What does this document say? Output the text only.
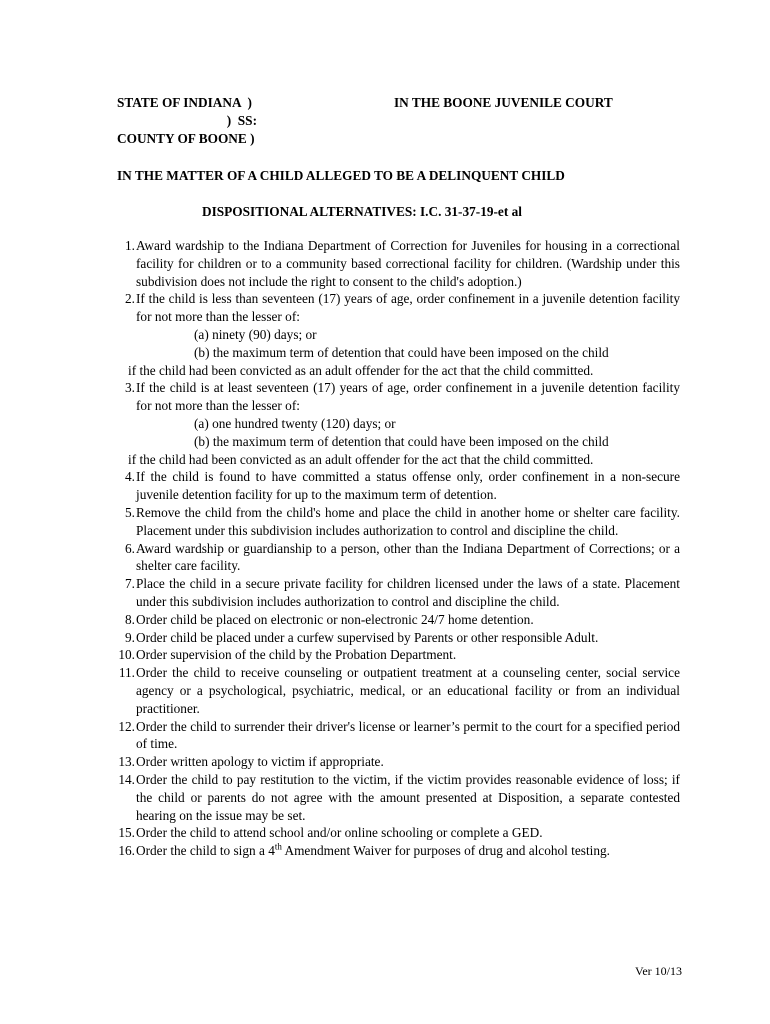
STATE OF INDIANA  )
)  SS:
COUNTY OF BOONE )
IN THE BOONE JUVENILE COURT
IN THE MATTER OF A CHILD ALLEGED TO BE A DELINQUENT CHILD
DISPOSITIONAL ALTERNATIVES: I.C. 31-37-19-et al
1 . Award wardship to the Indiana Department of Correction for Juveniles for housing in a correctional facility for children or to a community based correctional facility for children. (Wardship under this subdivision does not include the right to consent to the child's adoption.)
2 . If the child is less than seventeen (17) years of age, order confinement in a juvenile detention facility for not more than the lesser of:
(a) ninety (90) days; or
(b) the maximum term of detention that could have been imposed on the child
if the child had been convicted as an adult offender for the act that the child committed.
3 . If the child is at least seventeen (17) years of age, order confinement in a juvenile detention facility for not more than the lesser of:
(a) one hundred twenty (120) days; or
(b) the maximum term of detention that could have been imposed on the child
if the child had been convicted as an adult offender for the act that the child committed.
4 . If the child is found to have committed a status offense only, order confinement in a non-secure juvenile detention facility for up to the maximum term of detention.
5 . Remove the child from the child's home and place the child in another home or shelter care facility. Placement under this subdivision includes authorization to control and discipline the child.
6 . Award wardship or guardianship to a person, other than the Indiana Department of Corrections; or a shelter care facility.
7 . Place the child in a secure private facility for children licensed under the laws of a state. Placement under this subdivision includes authorization to control and discipline the child.
8 . Order child be placed on electronic or non-electronic 24/7 home detention.
9 . Order child be placed under a curfew supervised by Parents or other responsible Adult.
10 . Order supervision of the child by the Probation Department.
11 . Order the child to receive counseling or outpatient treatment at a counseling center, social service agency or a psychological, psychiatric, medical, or an educational facility or from an individual practitioner.
12 . Order the child to surrender their driver's license or learner’s permit to the court for a specified period of time.
13 . Order written apology to victim if appropriate.
14 . Order the child to pay restitution to the victim, if the victim provides reasonable evidence of loss; if the child or parents do not agree with the amount presented at Disposition, a separate contested hearing on the issue may be set.
15 . Order the child to attend school and/or online schooling or complete a GED.
16 . Order the child to sign a 4th Amendment Waiver for purposes of drug and alcohol testing.
Ver 10/13
